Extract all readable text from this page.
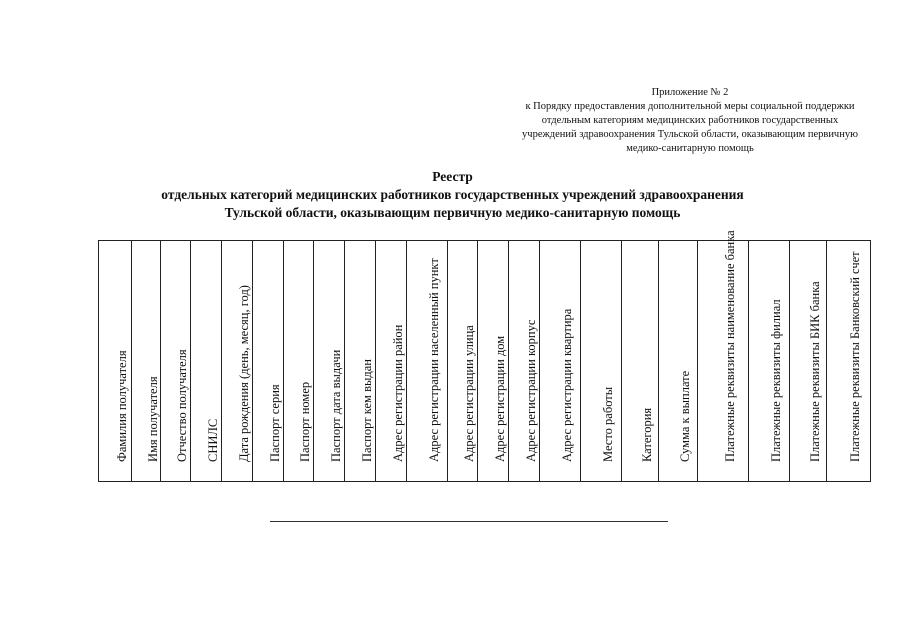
Приложение № 2
к Порядку предоставления дополнительной меры социальной поддержки
отдельным категориям медицинских работников государственных
учреждений здравоохранения Тульской области, оказывающим первичную
медико-санитарную помощь
Реестр
отдельных категорий медицинских работников государственных учреждений здравоохранения
Тульской области, оказывающим первичную медико-санитарную помощь
Фамилия получателя	Имя получателя	Отчество получателя	СНИЛС	Дата рождения (день, месяц, год)	Паспорт серия	Паспорт номер	Паспорт дата выдачи	Паспорт кем выдан	Адрес регистрации район	Адрес регистрации населенный пункт	Адрес регистрации улица	Адрес регистрации дом	Адрес регистрации корпус	Адрес регистрации квартира	Место работы	Категория	Сумма к выплате	Платежные реквизиты наименование банка	Платежные реквизиты филиал	Платежные реквизиты БИК банка	Платежные реквизиты Банковский счет
